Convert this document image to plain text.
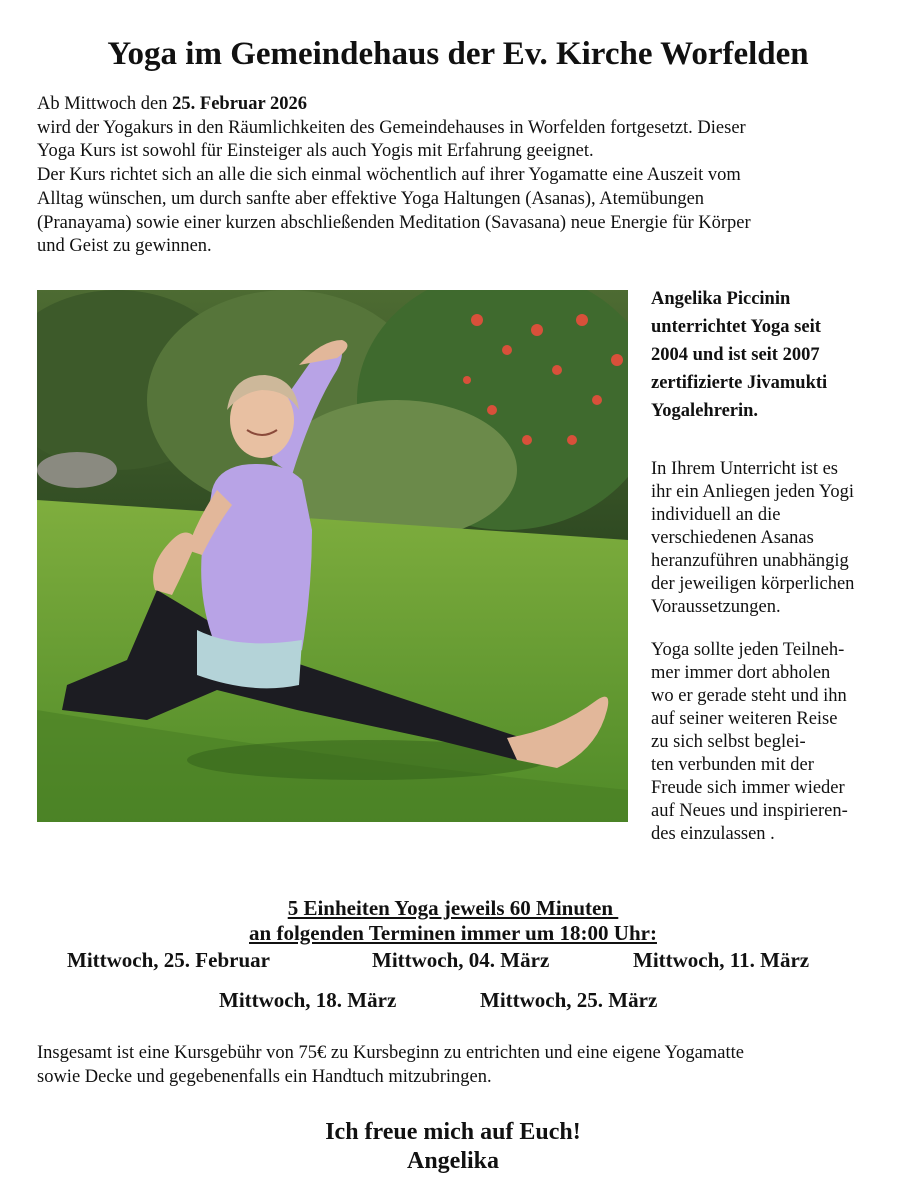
Yoga im Gemeindehaus der Ev. Kirche Worfelden
Ab Mittwoch den 25. Februar 2026
wird der Yogakurs in den Räumlichkeiten des Gemeindehauses in Worfelden fortgesetzt. Dieser
Yoga Kurs ist sowohl für Einsteiger als auch Yogis mit Erfahrung geeignet.
Der Kurs richtet sich an alle die sich einmal wöchentlich auf ihrer Yogamatte eine Auszeit vom
Alltag wünschen, um durch sanfte aber effektive Yoga Haltungen (Asanas), Atemübungen
(Pranayama) sowie einer kurzen abschließenden Meditation (Savasana) neue Energie für Körper
und Geist zu gewinnen.
Angelika Piccinin
unterrichtet Yoga seit
2004 und ist seit 2007
zertifizierte Jivamukti
Yogalehrerin.
In Ihrem Unterricht ist es
ihr ein Anliegen jeden Yogi
individuell an die
verschiedenen Asanas
heranzuführen unabhängig
der jeweiligen körperlichen
Voraussetzungen.
Yoga sollte jeden Teilneh-
mer immer dort abholen
wo er gerade steht und ihn
auf seiner weiteren Reise
zu sich selbst beglei-
ten verbunden mit der
Freude sich immer wieder
auf Neues und inspirieren-
des einzulassen .
5 Einheiten Yoga jeweils 60 Minuten
an folgenden Terminen immer um 18:00 Uhr:
Mittwoch, 25. Februar	Mittwoch, 04. März	Mittwoch, 11. März
Mittwoch, 18. März	Mittwoch, 25. März
Insgesamt ist eine Kursgebühr von 75€ zu Kursbeginn zu entrichten und eine eigene Yogamatte
sowie Decke und gegebenenfalls ein Handtuch mitzubringen.
Ich freue mich auf Euch!
Angelika
